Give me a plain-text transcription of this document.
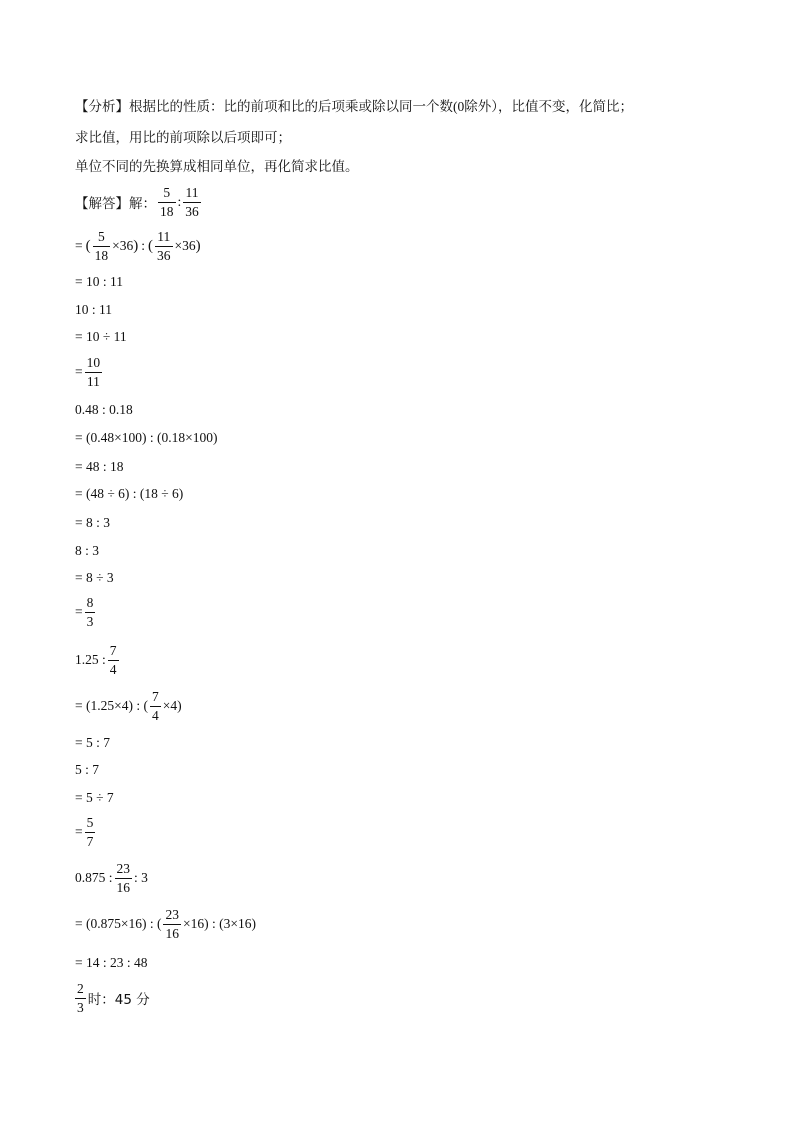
【分析】根据比的性质：比的前项和比的后项乘或除以同一个数(0除外），比值不变，化简比；
求比值，用比的前项除以后项即可；
单位不同的先换算成相同单位，再化简求比值。
【解答】 解： $\frac{5}{18}$ : $\frac{11}{36}$
= ( $\frac{5}{18} \times 36$ ) : ( $\frac{11}{36} \times 36$ )
= 10 : 11
10 : 11
= 10 ÷ 11
= $\frac{10}{11}$
0.48 : 0.18
= (0.48×100) : (0.18×100)
= 48 : 18
= (48 ÷ 6) : (18 ÷ 6)
= 8 : 3
8 : 3
= 8 ÷ 3
= $\frac{8}{3}$
1.25 : $\frac{7}{4}$
= (1.25×4) : ( $\frac{7}{4} \times 4$)
= 5 : 7
5 : 7
= 5 ÷ 7
= $\frac{5}{7}$
0.875 : $\frac{23}{16}$ : 3
= (0.875×16) : ( $\frac{23}{16} \times 16$) : (3×16)
= 14 : 23 : 48
$\frac{2}{3}$ 时：45 分
